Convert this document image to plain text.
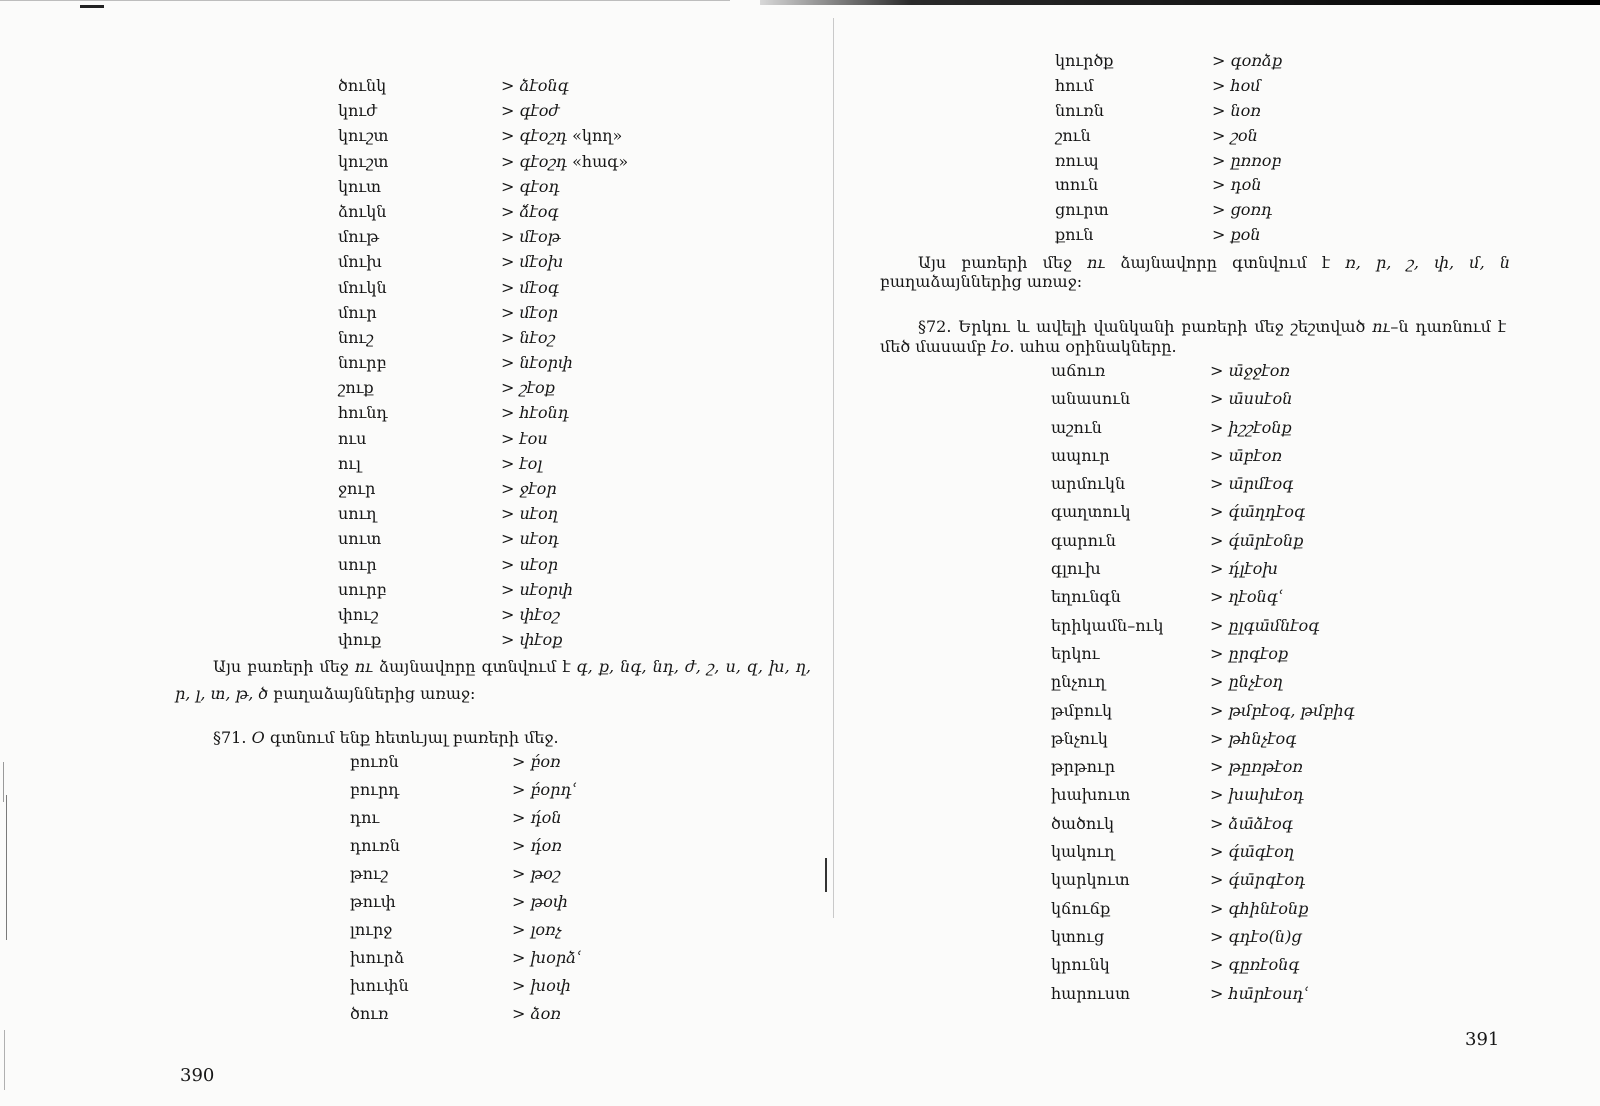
ծունկ	> ձէօնգ
կուժ	> գէօժ
կուշտ	> գէօշդ «կող»
կուշտ	> գէօշդ «հագ»
կուտ	> գէօդ
ձուկն	> ձ́էօգ
մութ	> մէօթ
մուխ	> մէօխ
մուկն	> մէօգ
մուր	> մէօր
նուշ	> նէօշ
նուրբ	> նէօրփ
շուք	> շէօք
հունդ	> հէօնդ
ուս	> էօս
ուլ	> էօլ
ջուր	> ջէօր
սուղ	> սէօղ
սուտ	> սէօդ
սուր	> սէօր
սուրբ	> սէօրփ
փուշ	> փէօշ
փուք	> փէօք
Այս բառերի մեջ ու ձայնավորը գտնվում է գ, ք, նգ, նդ, ժ, շ, ս, զ, խ, ղ,
ր, լ, տ, թ, ծ բաղաձայններից առաջ:
§71. Օ գտնում ենք հետևյալ բառերի մեջ.
բուռն	> բ́օռ
բուրդ	> բ́օրդʿ
դու	> դ́օն
դուռն	> դ́օռ
թուշ	> թօշ
թուփ	> թօփ
լուրջ	> լօռչ
խուրձ	> խօրձʿ
խուփն	> խօփ
ծուռ	> ձօռ
390
կուրծք	> գօռձք
հում	> հօմ
նուռն	> նօռ
շուն	> շօն
ռուպ	> ըռռօբ
տուն	> դօն
ցուրտ	> ցօռդ
քուն	> քօն
Այս բառերի մեջ ու ձայնավորը գտնվում է ռ, ր, շ, փ, մ, ն
բաղաձայններից առաջ:
§72. Երկու և ավելի վանկանի բառերի մեջ շեշտված ու–ն դառնում է
մեծ մասամբ էօ. ահա օրինակները.
աճուռ	> ա̄ջջէօռ
անասուն	> ա̄սսէօն
աշուն	> իշշէօնք
ապուր	> ա̄բէօռ
արմուկն	> ա̄րմէօգ
գաղտուկ	> գ́ա̄ղդէօգ
գարուն	> գ́ա̄րէօնք
գլուխ	> դ́լէօխ
եղունգն	> ղէօնգʿ
երիկամն–ուկ	> ըլգա̄մնէօգ
երկու	> ըրգէօք
ընչուղ	> ընչէօղ
թմբուկ	> թմբէօգ, թմբիգ
թնչուկ	> թհնչէօգ
թրթուր	> թըռթէօռ
խախուտ	> խախէօդ
ծածուկ	> ձա̄ձէօգ
կակուղ	> գ́ա̄գէօղ
կարկուտ	> գ́ա̄րգէօդ
կճուճք	> գհինէօնք
կտուց	> գդէօ(ն)ց
կրունկ	> գըռէօնգ
հարուստ	> հա̄րէօսդʿ
391
